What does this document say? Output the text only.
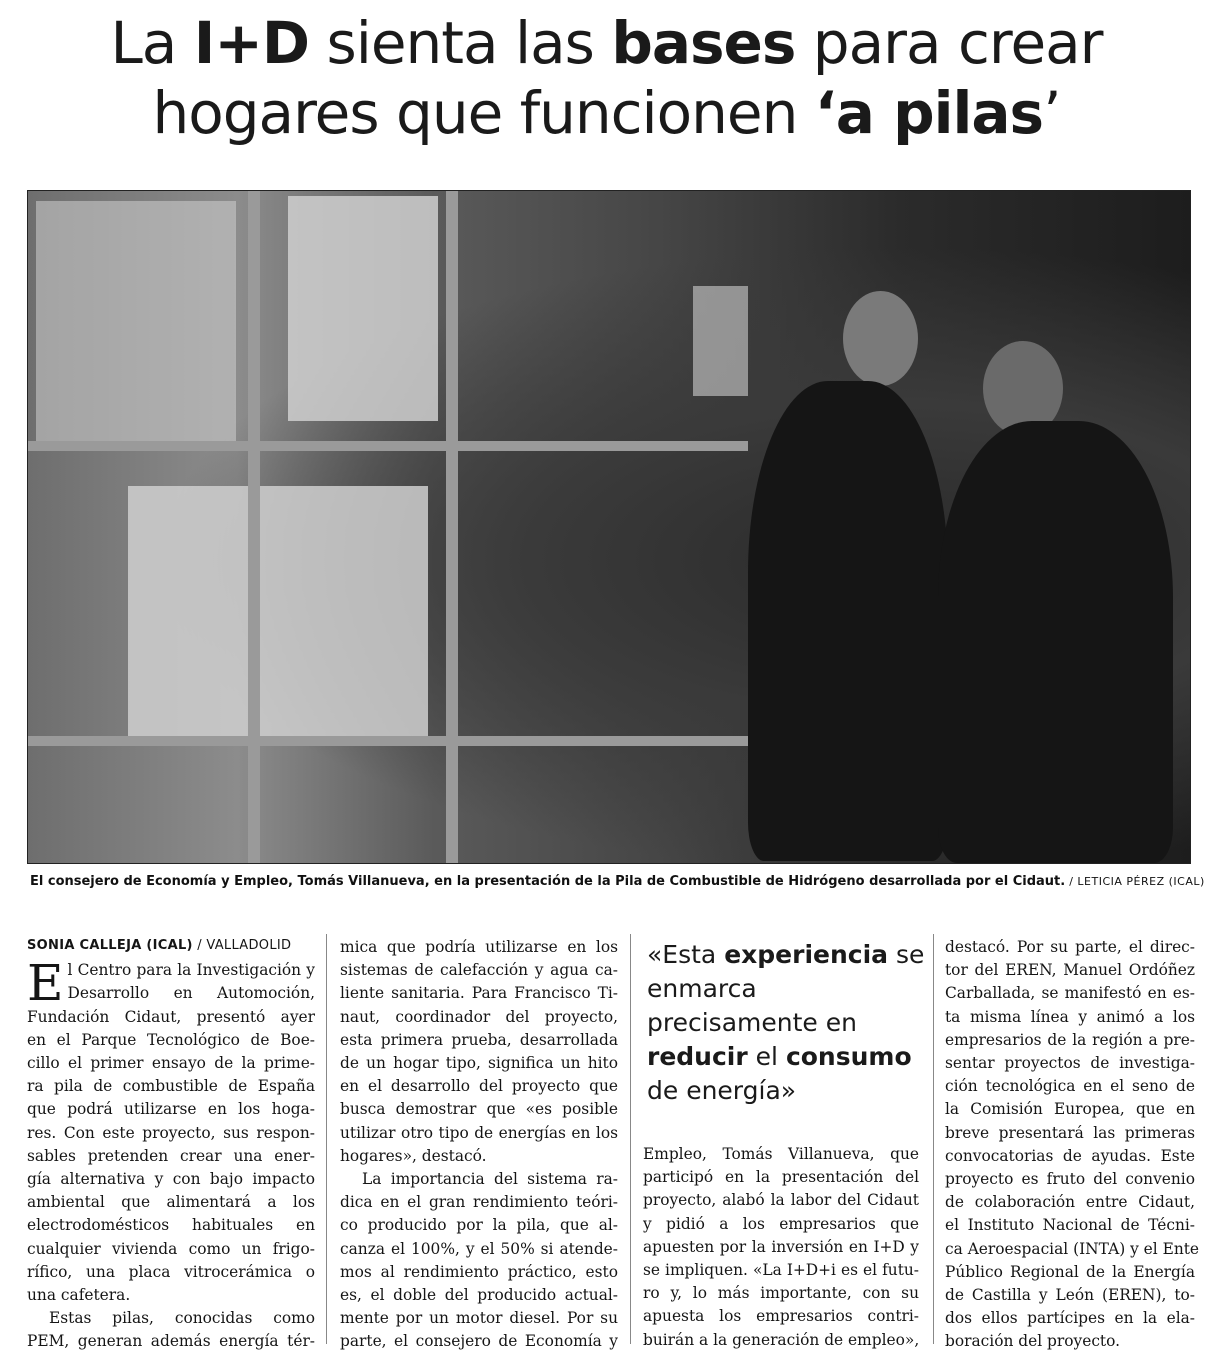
La I+D sienta las bases para crear
hogares que funcionen ‘a pilas’
El consejero de Economía y Empleo, Tomás Villanueva, en la presentación de la Pila de Combustible de Hidrógeno desarrollada por el Cidaut. / LETICIA PÉREZ (ICAL)
SONIA CALLEJA (ICAL) / VALLADOLID

E l Centro para la Investigación y
Desarrollo en Automoción,
Fundación Cidaut, presentó ayer
en el Parque Tecnológico de Boe-
cillo el primer ensayo de la prime-
ra pila de combustible de España
que podrá utilizarse en los hoga-
res. Con este proyecto, sus respon-
sables pretenden crear una ener-
gía alternativa y con bajo impacto
ambiental que alimentará a los
electrodomésticos habituales en
cualquier vivienda como un frigo-
rífico, una placa vitrocerámica o
una cafetera.

Estas pilas, conocidas como
PEM, generan además energía tér-

mica que podría utilizarse en los
sistemas de calefacción y agua ca-
liente sanitaria. Para Francisco Ti-
naut, coordinador del proyecto,
esta primera prueba, desarrollada
de un hogar tipo, significa un hito
en el desarrollo del proyecto que
busca demostrar que «es posible
utilizar otro tipo de energías en los
hogares», destacó.

La importancia del sistema ra-
dica en el gran rendimiento teóri-
co producido por la pila, que al-
canza el 100%, y el 50% si atende-
mos al rendimiento práctico, esto
es, el doble del producido actual-
mente por un motor diesel. Por su
parte, el consejero de Economía y

«Esta experiencia se enmarca precisamente en reducir el consumo de energía»

Empleo, Tomás Villanueva, que
participó en la presentación del
proyecto, alabó la labor del Cidaut
y pidió a los empresarios que
apuesten por la inversión en I+D y
se impliquen. «La I+D+i es el futu-
ro y, lo más importante, con su
apuesta los empresarios contri-
buirán a la generación de empleo»,

destacó. Por su parte, el direc-
tor del EREN, Manuel Ordóñez
Carballada, se manifestó en es-
ta misma línea y animó a los
empresarios de la región a pre-
sentar proyectos de investiga-
ción tecnológica en el seno de
la Comisión Europea, que en
breve presentará las primeras
convocatorias de ayudas. Este
proyecto es fruto del convenio
de colaboración entre Cidaut,
el Instituto Nacional de Técni-
ca Aeroespacial (INTA) y el Ente
Público Regional de la Energía
de Castilla y León (EREN), to-
dos ellos partícipes en la ela-
boración del proyecto.
